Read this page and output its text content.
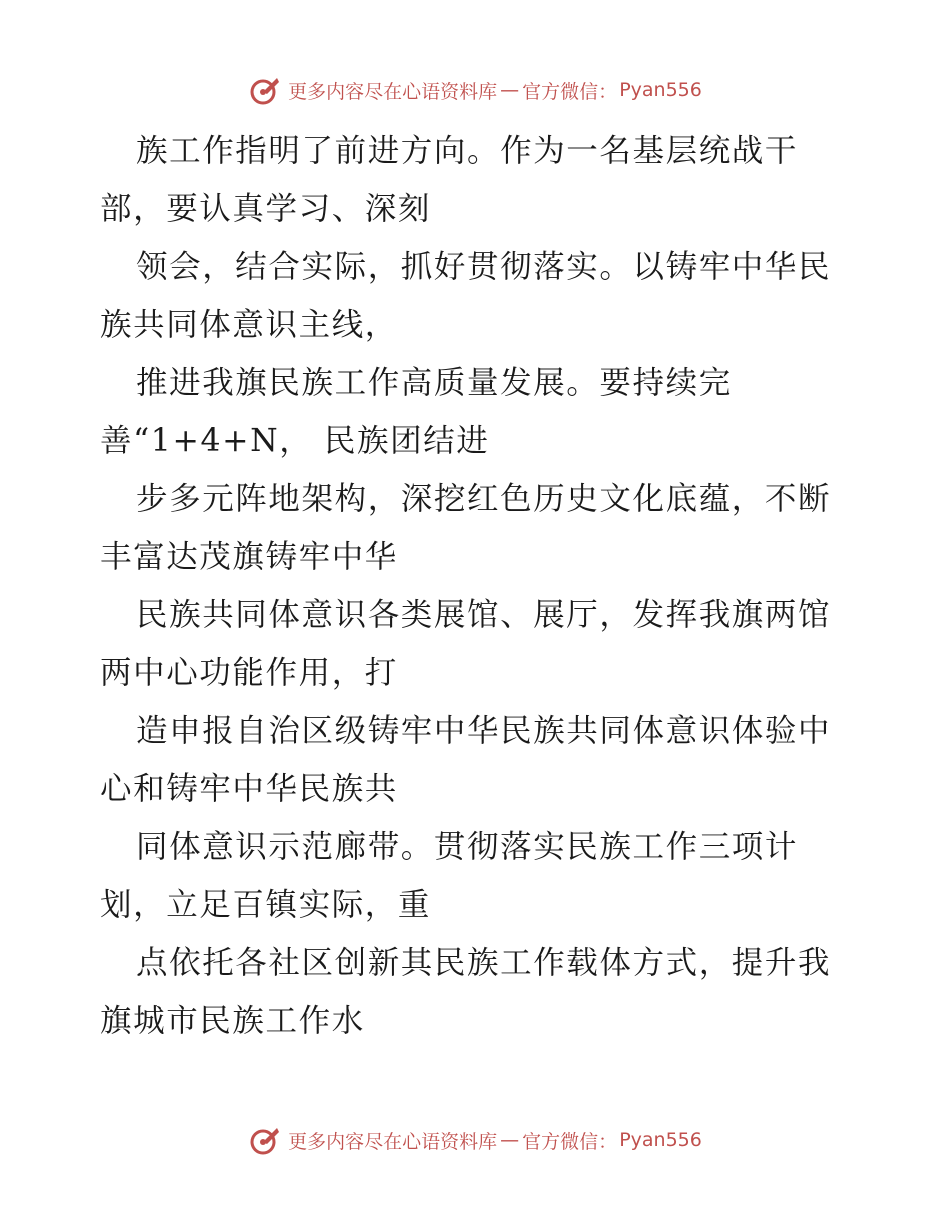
更多内容尽在心语资料库 — 官方微信： Pyan556
族工作指明了前进方向。作为一名基层统战干
部，要认真学习、深刻
领会，结合实际，抓好贯彻落实。以铸牢中华民
族共同体意识主线，
推进我旗民族工作高质量发展。要持续完
善“1+4+N， 民族团结进
步多元阵地架构，深挖红色历史文化底蕴，不断
丰富达茂旗铸牢中华
民族共同体意识各类展馆、展厅，发挥我旗两馆
两中心功能作用，打
造申报自治区级铸牢中华民族共同体意识体验中
心和铸牢中华民族共
同体意识示范廊带。贯彻落实民族工作三项计
划，立足百镇实际，重
点依托各社区创新其民族工作载体方式，提升我
旗城市民族工作水
更多内容尽在心语资料库 — 官方微信： Pyan556
